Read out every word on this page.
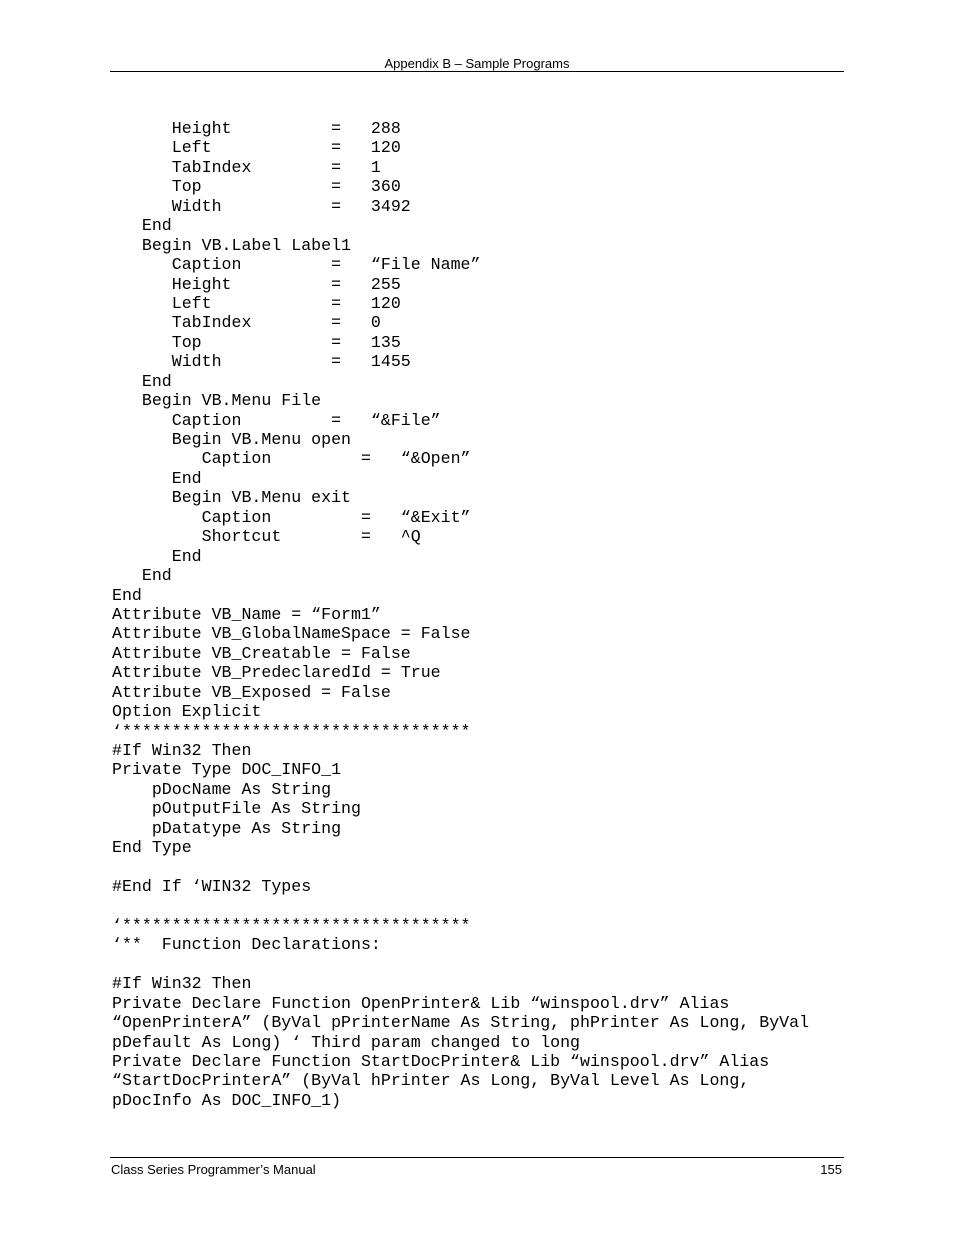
Appendix B – Sample Programs
Height          =   288
Left            =   120
TabIndex        =   1
Top             =   360
Width           =   3492
End
Begin VB.Label Label1
Caption         =   “File Name”
Height          =   255
Left            =   120
TabIndex        =   0
Top             =   135
Width           =   1455
End
Begin VB.Menu File
Caption         =   “&File”
Begin VB.Menu open
Caption         =   “&Open”
End
Begin VB.Menu exit
Caption         =   “&Exit”
Shortcut        =   ^Q
End
End
End
Attribute VB_Name = “Form1”
Attribute VB_GlobalNameSpace = False
Attribute VB_Creatable = False
Attribute VB_PredeclaredId = True
Attribute VB_Exposed = False
Option Explicit
‘***********************************
#If Win32 Then
Private Type DOC_INFO_1
pDocName As String
pOutputFile As String
pDatatype As String
End Type
#End If ‘WIN32 Types
‘***********************************
‘**  Function Declarations:
#If Win32 Then
Private Declare Function OpenPrinter& Lib “winspool.drv” Alias
“OpenPrinterA” (ByVal pPrinterName As String, phPrinter As Long, ByVal
pDefault As Long) ‘ Third param changed to long
Private Declare Function StartDocPrinter& Lib “winspool.drv” Alias
“StartDocPrinterA” (ByVal hPrinter As Long, ByVal Level As Long,
pDocInfo As DOC_INFO_1)
Class Series Programmer’s Manual	155
